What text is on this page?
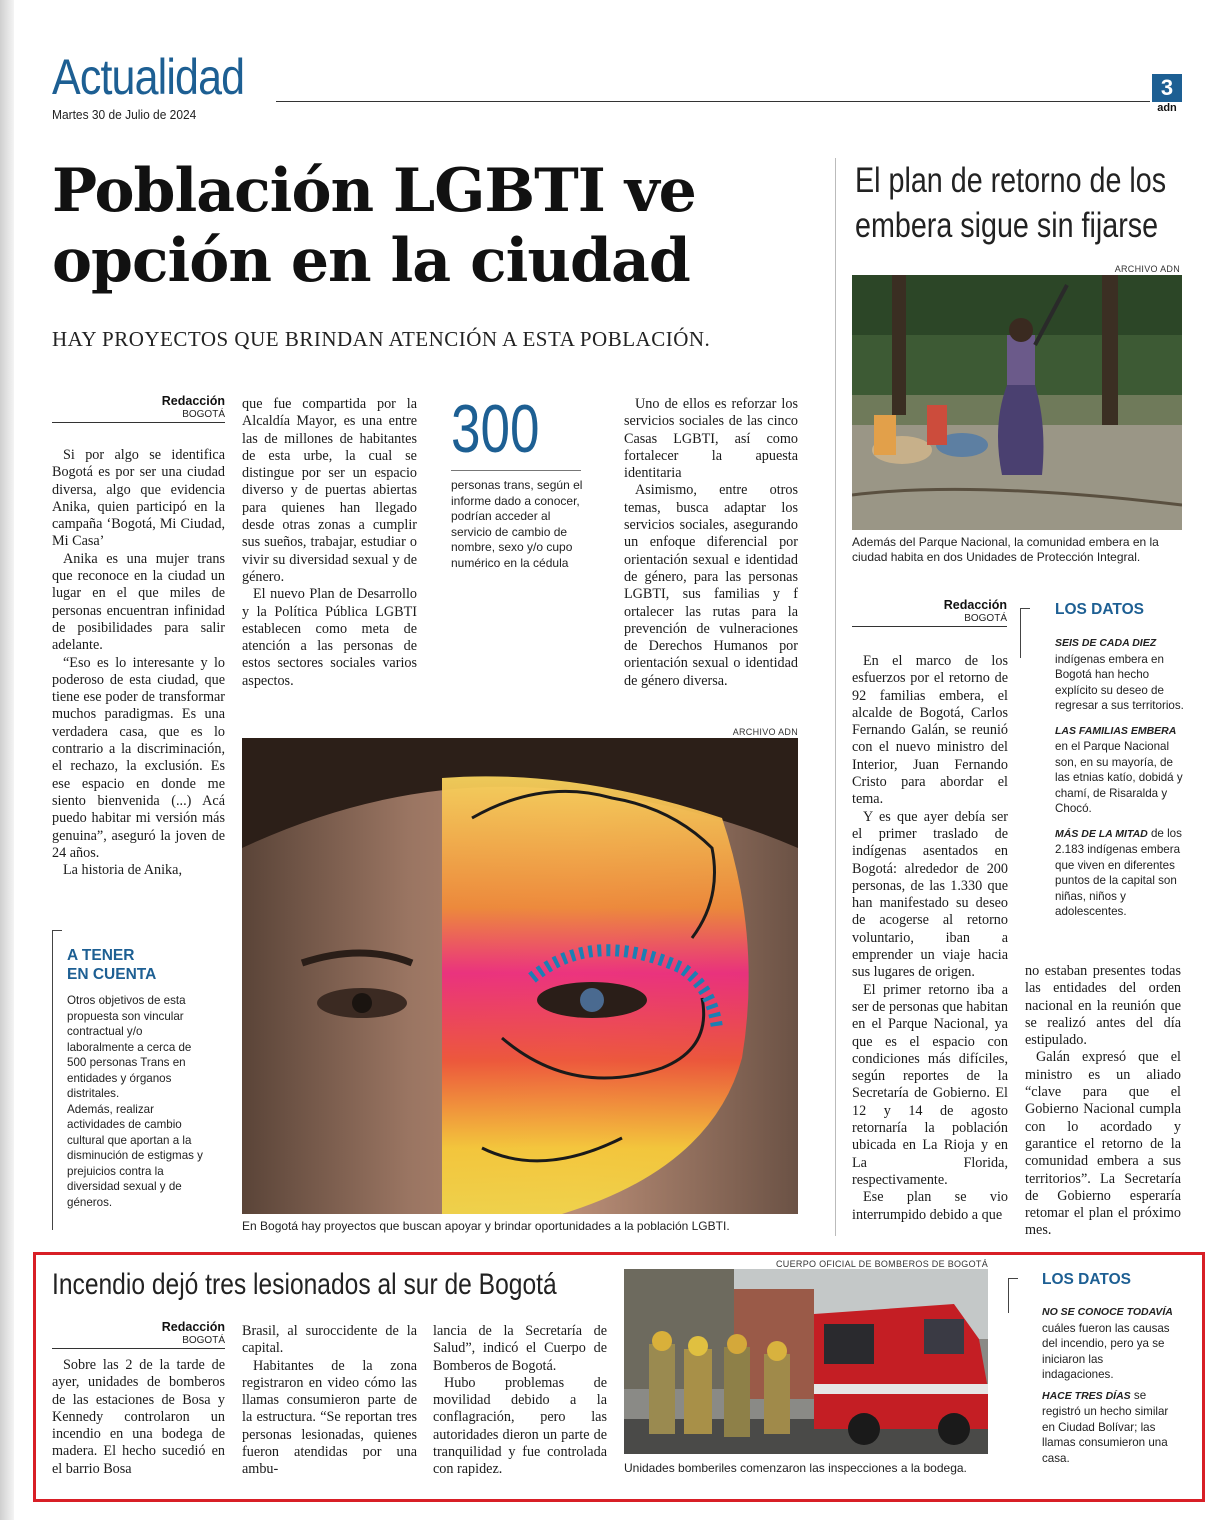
Actualidad
Martes 30 de Julio de 2024
3
adn
Población LGBTI ve opción en la ciudad
HAY PROYECTOS QUE BRINDAN ATENCIÓN A ESTA POBLACIÓN.
Redacción
BOGOTÁ

Si por algo se identifica Bogotá es por ser una ciudad diversa, algo que evidencia Anika, quien participó en la campaña ‘Bogotá, Mi Ciudad, Mi Casa’

Anika es una mujer trans que reconoce en la ciudad un lugar en el que miles de personas encuentran infinidad de posibilidades para salir adelante.

“Eso es lo interesante y lo poderoso de esta ciudad, que tiene ese poder de transformar muchos paradigmas. Es una verdadera casa, que es lo contrario a la discriminación, el rechazo, la exclusión. Es ese espacio en donde me siento bienvenida (...) Acá puedo habitar mi versión más genuina”, aseguró la joven de 24 años.

La historia de Anika,

que fue compartida por la Alcaldía Mayor, es una entre las de millones de habitantes de esta urbe, la cual se distingue por ser un espacio diverso y de puertas abiertas para quienes han llegado desde otras zonas a cumplir sus sueños, trabajar, estudiar o vivir su diversidad sexual y de género.

El nuevo Plan de Desarrollo y la Política Pública LGBTI establecen como meta de atención a las personas de estos sectores sociales varios aspectos.

300
personas trans, según el informe dado a conocer, podrían acceder al servicio de cambio de nombre, sexo y/o cupo numérico en la cédula

Uno de ellos es reforzar los servicios sociales de las cinco Casas LGBTI, así como fortalecer la apuesta identitaria

Asimismo, entre otros temas, busca adaptar los servicios sociales, asegurando un enfoque diferencial por orientación sexual e identidad de género, para las personas LGBTI, sus familias y f ortalecer las rutas para la prevención de vulneraciones de Derechos Humanos por orientación sexual o identidad de género diversa.

ARCHIVO ADN
En Bogotá hay proyectos que buscan apoyar y brindar oportunidades a la población LGBTI.
A TENER
EN CUENTA
Otros objetivos de esta propuesta son vincular contractual y/o laboralmente a cerca de 500 personas Trans en entidades y órganos distritales.
Además, realizar actividades de cambio cultural que aportan a la disminución de estigmas y prejuicios contra la diversidad sexual y de géneros.
El plan de retorno de los embera sigue sin fijarse
ARCHIVO ADN
Además del Parque Nacional, la comunidad embera en la ciudad habita en dos Unidades de Protección Integral.
Redacción
BOGOTÁ

En el marco de los esfuerzos por el retorno de 92 familias embera, el alcalde de Bogotá, Carlos Fernando Galán, se reunió con el nuevo ministro del Interior, Juan Fernando Cristo para abordar el tema.

Y es que ayer debía ser el primer traslado de indígenas asentados en Bogotá: alrededor de 200 personas, de las 1.330 que han manifestado su deseo de acogerse al retorno voluntario, iban a emprender un viaje hacia sus lugares de origen.

El primer retorno iba a ser de personas que habitan en el Parque Nacional, ya que es el espacio con condiciones más difíciles, según reportes de la Secretaría de Gobierno. El 12 y 14 de agosto retornaría la población ubicada en La Rioja y en La Florida, respectivamente.

Ese plan se vio interrumpido debido a que

no estaban presentes todas las entidades del orden nacional en la reunión que se realizó antes del día estipulado.

Galán expresó que el ministro es un aliado “clave para que el Gobierno Nacional cumpla con lo acordado y garantice el retorno de la comunidad embera a sus territorios”. La Secretaría de Gobierno esperaría retomar el plan el próximo mes.

LOS DATOS
SEIS DE CADA DIEZ
indígenas embera en Bogotá han hecho explícito su deseo de regresar a sus territorios.
LAS FAMILIAS EMBERA
en el Parque Nacional son, en su mayoría, de las etnias katío, dobidá y chamí, de Risaralda y Chocó.
MÁS DE LA MITAD de los 2.183 indígenas embera que viven en diferentes puntos de la capital son niñas, niños y adolescentes.
Incendio dejó tres lesionados al sur de Bogotá
Redacción
BOGOTÁ

Sobre las 2 de la tarde de ayer, unidades de bomberos de las estaciones de Bosa y Kennedy controlaron un incendio en una bodega de madera. El hecho sucedió en el barrio Bosa

Brasil, al suroccidente de la capital.

Habitantes de la zona registraron en video cómo las llamas consumieron parte de la estructura. “Se reportan tres personas lesionadas, quienes fueron atendidas por una ambu-

lancia de la Secretaría de Salud”, indicó el Cuerpo de Bomberos de Bogotá.

Hubo problemas de movilidad debido a la conflagración, pero las autoridades dieron un parte de tranquilidad y fue controlada con rapidez.

CUERPO OFICIAL DE BOMBEROS DE BOGOTÁ
Unidades bomberiles comenzaron las inspecciones a la bodega.
LOS DATOS
NO SE CONOCE TODAVÍA
cuáles fueron las causas del incendio, pero ya se iniciaron las indagaciones.
HACE TRES DÍAS se registró un hecho similar en Ciudad Bolívar; las llamas consumieron una casa.
